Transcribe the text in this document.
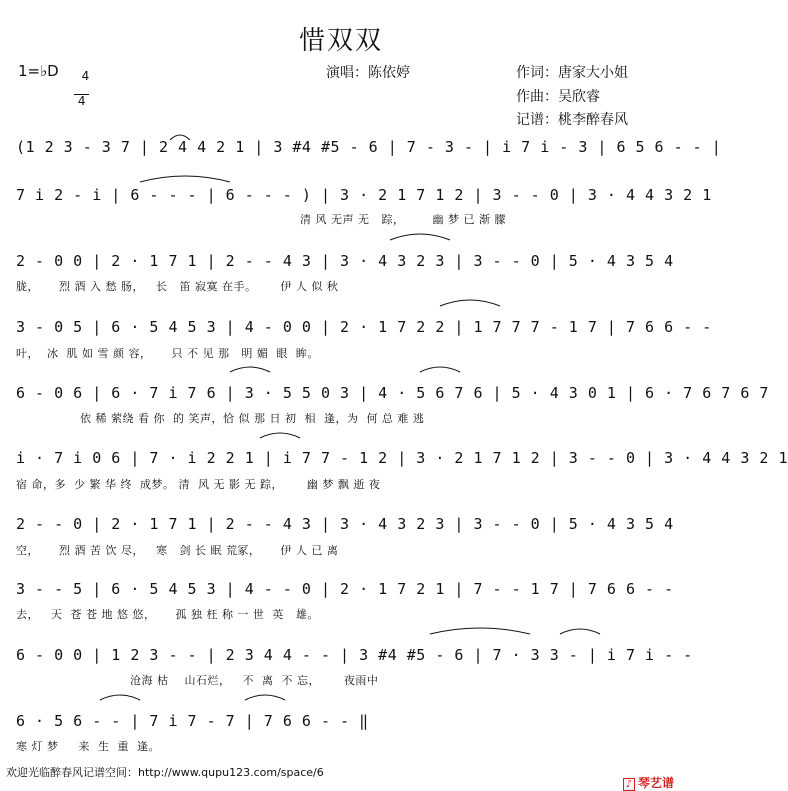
惜双双
1=♭D	4

4

演唱：陈依婷	作词：唐家大小姐
作曲：吴欣睿
记谱：桃李醉春风
(1 2 3 - 3 7 | 2 4 4 2 1 | 3 #4 #5 - 6 | 7 - 3 - | i 7 i - 3 | 6 5 6 - - |
7 i 2 - i | 6 - - - | 6 - - - ) | 3 · 2 1 7 1 2 | 3 - - 0 | 3 · 4 4 3 2 1
清 风 无声 无   踪，       幽 梦 已 渐 朦
2 - 0 0 | 2 · 1 7 1 | 2 - - 4 3 | 3 · 4 3 2 3 | 3 - - 0 | 5 · 4 3 5 4
胧，     烈 酒 入 愁 肠，   长   笛 寂寞 在手。      伊 人 似 秋
3 - 0 5 | 6 · 5 4 5 3 | 4 - 0 0 | 2 · 1 7 2 2 | 1 7 7 7 - 1 7 | 7 6 6 - -
叶，  冰  肌 如 雪 颜 容，     只 不 见 那   明 媚  眼  眸。
6 - 0 6 | 6 · 7 i 7 6 | 3 · 5 5 0 3 | 4 · 5 6 7 6 | 5 · 4 3 0 1 | 6 · 7 6 7 6 7
依 稀 萦绕 看 你  的 笑声，恰 似 那 日 初  相  逢，为  何 总 难 逃
i · 7 i 0 6 | 7 · i 2 2 1 | i 7 7 - 1 2 | 3 · 2 1 7 1 2 | 3 - - 0 | 3 · 4 4 3 2 1
宿 命，多  少 繁 华 终  成梦。 清  风 无 影 无 踪，      幽 梦 飘 逝 夜
2 - - 0 | 2 · 1 7 1 | 2 - - 4 3 | 3 · 4 3 2 3 | 3 - - 0 | 5 · 4 3 5 4
空，     烈 酒 苦 饮 尽，   寒   剑 长 眠 荒冢，     伊 人 已 离
3 - - 5 | 6 · 5 4 5 3 | 4 - - 0 | 2 · 1 7 2 1 | 7 - - 1 7 | 7 6 6 - -
去，   天  苍 苍 地 悠 悠，     孤 独 枉 称 一 世  英   雄。
6 - 0 0 | 1 2 3 - - | 2 3 4 4 - - | 3 #4 #5 - 6 | 7 · 3 3 - | i 7 i - -
沧海 枯    山石烂，   不  离  不 忘，      夜雨中
6 · 5 6 - - | 7 i 7 - 7 | 7 6 6 - - ‖
寒 灯 梦     来  生  重  逢。
欢迎光临醉春风记谱空间：http://www.qupu123.com/space/6

♪ 琴艺谱
